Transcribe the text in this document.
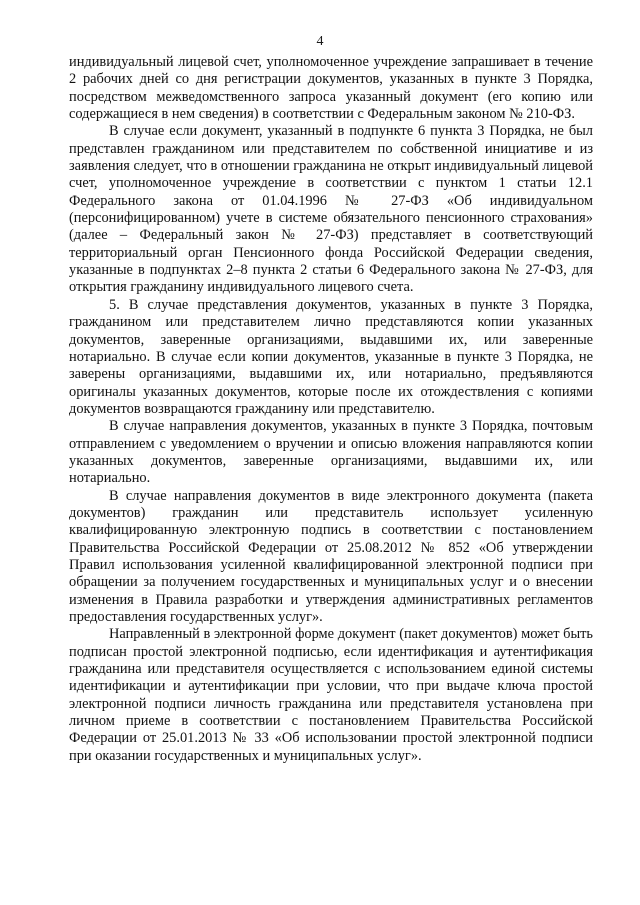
4

индивидуальный лицевой счет, уполномоченное учреждение запрашивает в течение 2 рабочих дней со дня регистрации документов, указанных в пункте 3 Порядка, посредством межведомственного запроса указанный документ (его копию или содержащиеся в нем сведения) в соответствии с Федеральным законом № 210-ФЗ.

В случае если документ, указанный в подпункте 6 пункта 3 Порядка, не был представлен гражданином или представителем по собственной инициативе и из заявления следует, что в отношении гражданина не открыт индивидуальный лицевой счет, уполномоченное учреждение в соответствии с пунктом 1 статьи 12.1 Федерального закона от 01.04.1996 № 27-ФЗ «Об индивидуальном (персонифицированном) учете в системе обязательного пенсионного страхования» (далее – Федеральный закон № 27-ФЗ) представляет в соответствующий территориальный орган Пенсионного фонда Российской Федерации сведения, указанные в подпунктах 2–8 пункта 2 статьи 6 Федерального закона № 27-ФЗ, для открытия гражданину индивидуального лицевого счета.

5. В случае представления документов, указанных в пункте 3 Порядка, гражданином или представителем лично представляются копии указанных документов, заверенные организациями, выдавшими их, или заверенные нотариально. В случае если копии документов, указанные в пункте 3 Порядка, не заверены организациями, выдавшими их, или нотариально, предъявляются оригиналы указанных документов, которые после их отождествления с копиями документов возвращаются гражданину или представителю.

В случае направления документов, указанных в пункте 3 Порядка, почтовым отправлением с уведомлением о вручении и описью вложения направляются копии указанных документов, заверенные организациями, выдавшими их, или нотариально.

В случае направления документов в виде электронного документа (пакета документов) гражданин или представитель использует усиленную квалифицированную электронную подпись в соответствии с постановлением Правительства Российской Федерации от 25.08.2012 № 852 «Об утверждении Правил использования усиленной квалифицированной электронной подписи при обращении за получением государственных и муниципальных услуг и о внесении изменения в Правила разработки и утверждения административных регламентов предоставления государственных услуг».

Направленный в электронной форме документ (пакет документов) может быть подписан простой электронной подписью, если идентификация и аутентификация гражданина или представителя осуществляется с использованием единой системы идентификации и аутентификации при условии, что при выдаче ключа простой электронной подписи личность гражданина или представителя установлена при личном приеме в соответствии с постановлением Правительства Российской Федерации от 25.01.2013 № 33 «Об использовании простой электронной подписи при оказании государственных и муниципальных услуг».
